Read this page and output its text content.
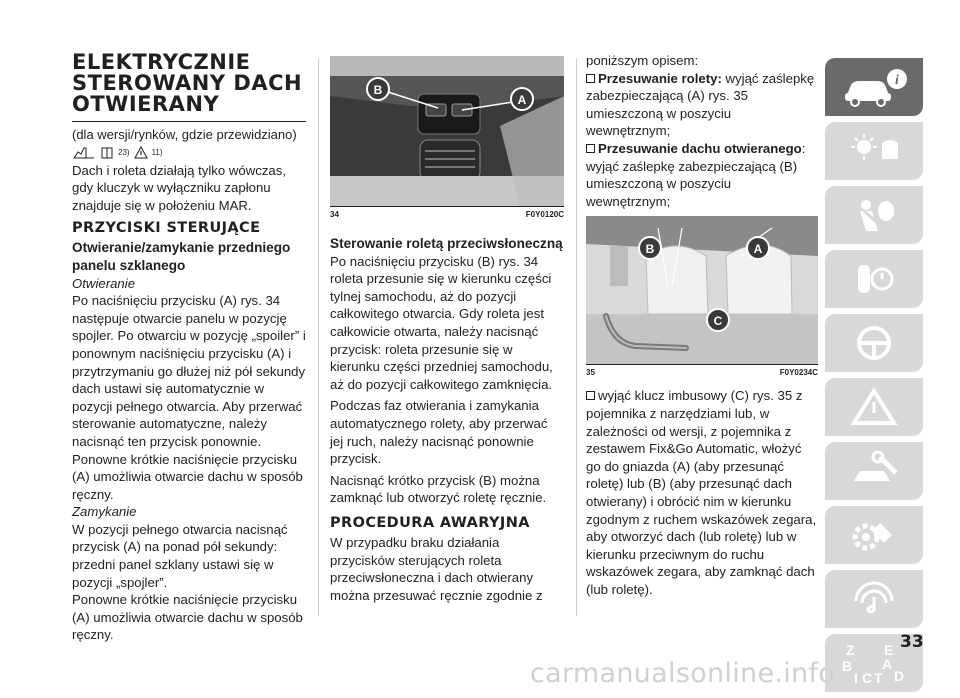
ELEKTRYCZNIE
STEROWANY DACH
OTWIERANY

(dla wersji/rynków, gdzie przewidziano)

23)	11)

Dach i roleta działają tylko wówczas, gdy kluczyk w wyłączniku zapłonu znajduje się w położeniu MAR.

PRZYCISKI STERUJĄCE
Otwieranie/zamykanie przedniego panelu szklanego

Otwieranie

Po naciśnięciu przycisku (A) rys. 34 następuje otwarcie panelu w pozycję spojler. Po otwarciu w pozycję „spoiler” i ponownym naciśnięciu przycisku (A) i przytrzymaniu go dłużej niż pół sekundy dach ustawi się automatycznie w pozycji pełnego otwarcia. Aby przerwać sterowanie automatyczne, należy nacisnąć ten przycisk ponownie. Ponowne krótkie naciśnięcie przycisku (A) umożliwia otwarcie dachu w sposób ręczny.

Zamykanie

W pozycji pełnego otwarcia nacisnąć przycisk (A) na ponad pół sekundy: przedni panel szklany ustawi się w pozycji „spojler”.

Ponowne krótkie naciśnięcie przycisku (A) umożliwia otwarcie dachu w sposób ręczny.

B
A
34	F0Y0120C
Sterowanie roletą przeciwsłoneczną

Po naciśnięciu przycisku (B) rys. 34 roleta przesunie się w kierunku części tylnej samochodu, aż do pozycji całkowitego otwarcia. Gdy roleta jest całkowicie otwarta, należy nacisnąć przycisk: roleta przesunie się w kierunku części przedniej samochodu, aż do pozycji całkowitego zamknięcia.

Podczas faz otwierania i zamykania automatycznego rolety, aby przerwać jej ruch, należy nacisnąć ponownie przycisk.

Nacisnąć krótko przycisk (B) można zamknąć lub otworzyć roletę ręcznie.

PROCEDURA AWARYJNA

W przypadku braku działania przycisków sterujących roleta przeciwsłoneczna i dach otwierany można przesuwać ręcznie zgodnie z

poniższym opisem:

Przesuwanie rolety: wyjąć zaślepkę zabezpieczającą (A) rys. 35 umieszczoną w poszyciu wewnętrznym;

Przesuwanie dachu otwieranego: wyjąć zaślepkę zabezpieczającą (B) umieszczoną w poszyciu wewnętrznym;

B	A
C
35	F0Y0234C

wyjąć klucz imbusowy (C) rys. 35 z pojemnika z narzędziami lub, w zależności od wersji, z pojemnika z zestawem Fix&Go Automatic, włożyć go do gniazda (A) (aby przesunąć roletę) lub (B) (aby przesunąć dach otwierany) i obrócić nim w kierunku zgodnym z ruchem wskazówek zegara, aby otworzyć dach (lub roletę) lub w kierunku przeciwnym do ruchu wskazówek zegara, aby zamknąć dach (lub roletę).

i
Z E
B A
I C T D
33
carmanualsonline.info
